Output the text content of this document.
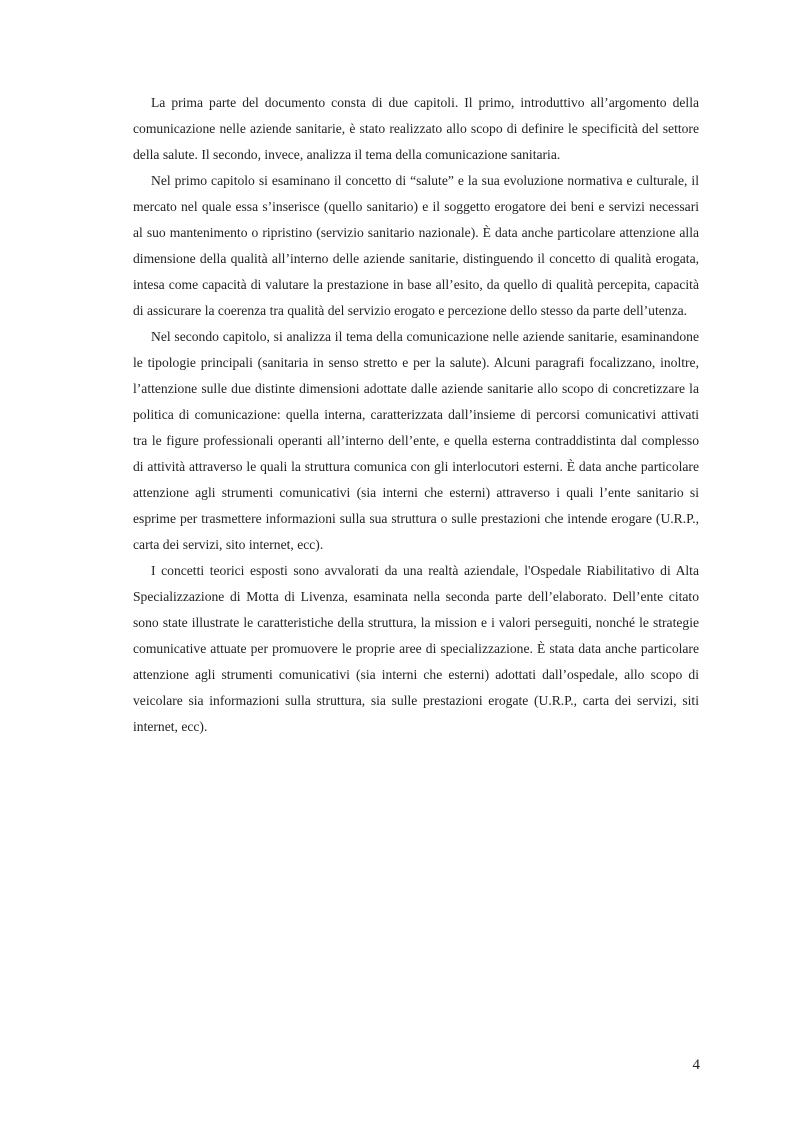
La prima parte del documento consta di due capitoli. Il primo, introduttivo all’argomento della comunicazione nelle aziende sanitarie, è stato realizzato allo scopo di definire le specificità del settore della salute. Il secondo, invece, analizza il tema della comunicazione sanitaria.

Nel primo capitolo si esaminano il concetto di “salute” e la sua evoluzione normativa e culturale, il mercato nel quale essa s’inserisce (quello sanitario) e il soggetto erogatore dei beni e servizi necessari al suo mantenimento o ripristino (servizio sanitario nazionale). È data anche particolare attenzione alla dimensione della qualità all’interno delle aziende sanitarie, distinguendo il concetto di qualità erogata, intesa come capacità di valutare la prestazione in base all’esito, da quello di qualità percepita, capacità di assicurare la coerenza tra qualità del servizio erogato e percezione dello stesso da parte dell’utenza.

Nel secondo capitolo, si analizza il tema della comunicazione nelle aziende sanitarie, esaminandone le tipologie principali (sanitaria in senso stretto e per la salute). Alcuni paragrafi focalizzano, inoltre, l’attenzione sulle due distinte dimensioni adottate dalle aziende sanitarie allo scopo di concretizzare la politica di comunicazione: quella interna, caratterizzata dall’insieme di percorsi comunicativi attivati tra le figure professionali operanti all’interno dell’ente, e quella esterna contraddistinta dal complesso di attività attraverso le quali la struttura comunica con gli interlocutori esterni. È data anche particolare attenzione agli strumenti comunicativi (sia interni che esterni) attraverso i quali l’ente sanitario si esprime per trasmettere informazioni sulla sua struttura o sulle prestazioni che intende erogare (U.R.P., carta dei servizi, sito internet, ecc).

I concetti teorici esposti sono avvalorati da una realtà aziendale, l'Ospedale Riabilitativo di Alta Specializzazione di Motta di Livenza, esaminata nella seconda parte dell’elaborato. Dell’ente citato sono state illustrate le caratteristiche della struttura, la mission e i valori perseguiti, nonché le strategie comunicative attuate per promuovere le proprie aree di specializzazione. È stata data anche particolare attenzione agli strumenti comunicativi (sia interni che esterni) adottati dall’ospedale, allo scopo di veicolare sia informazioni sulla struttura, sia sulle prestazioni erogate (U.R.P., carta dei servizi, siti internet, ecc).

4
